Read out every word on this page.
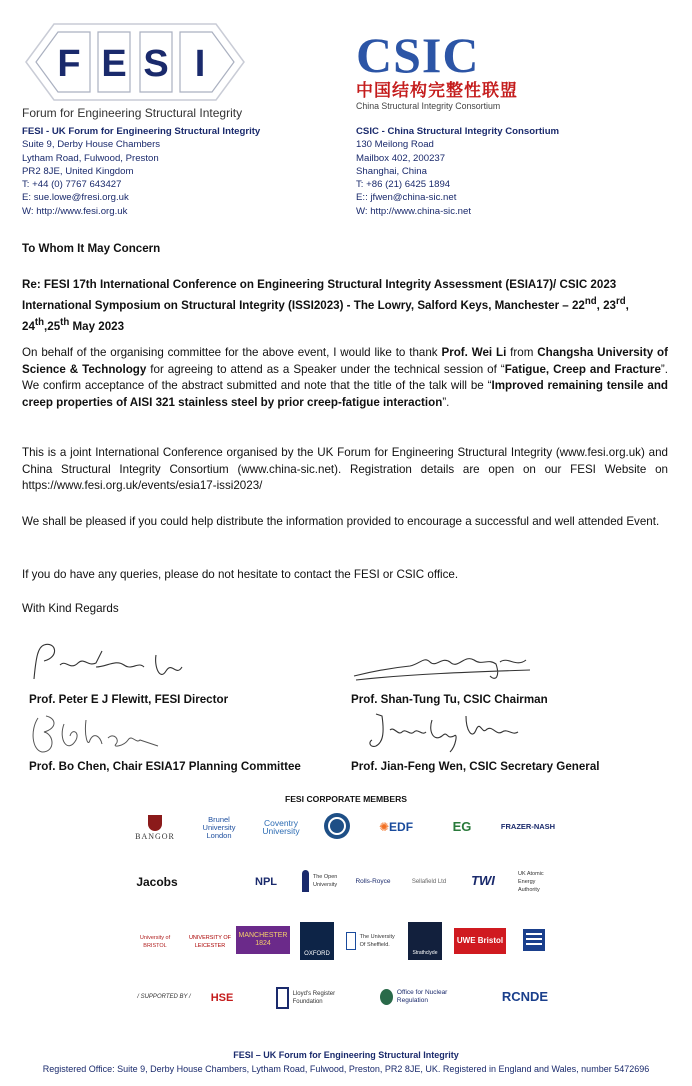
F E S I
Forum for Engineering Structural Integrity
FESI - UK Forum for Engineering Structural Integrity
Suite 9, Derby House Chambers
Lytham Road, Fulwood, Preston
PR2 8JE, United Kingdom
T: +44 (0) 7767 643427
E: sue.lowe@fresi.org.uk
W: http://www.fesi.org.uk
CSIC
中国结构完整性联盟
China Structural Integrity Consortium
CSIC - China Structural Integrity Consortium
130 Meilong Road
Mailbox 402, 200237
Shanghai, China
T: +86 (21) 6425 1894
E:: jfwen@china-sic.net
W: http://www.china-sic.net
To Whom It May Concern
Re: FESI 17th International Conference on Engineering Structural Integrity Assessment (ESIA17)/ CSIC 2023
International Symposium on Structural Integrity (ISSI2023) - The Lowry, Salford Keys, Manchester – 22nd, 23rd,
24th,25th May 2023
On behalf of the organising committee for the above event, I would like to thank Prof. Wei Li from Changsha University of Science & Technology for agreeing to attend as a Speaker under the technical session of “Fatigue, Creep and Fracture”. We confirm acceptance of the abstract submitted and note that the title of the talk will be “Improved remaining tensile and creep properties of AISI 321 stainless steel by prior creep-fatigue interaction”.
This is a joint International Conference organised by the UK Forum for Engineering Structural Integrity (www.fesi.org.uk) and China Structural Integrity Consortium (www.china-sic.net). Registration details are open on our FESI Website on https://www.fesi.org.uk/events/esia17-issi2023/
We shall be pleased if you could help distribute the information provided to encourage a successful and well attended Event.
If you do have any queries, please do not hesitate to contact the FESI or CSIC office.
With Kind Regards
Prof. Peter E J Flewitt, FESI Director	Prof. Shan-Tung Tu, CSIC Chairman
Prof. Bo Chen, Chair ESIA17 Planning Committee	Prof. Jian-Feng Wen, CSIC Secretary General
FESI CORPORATE MEMBERS
BANGOR
Brunel University London
Coventry University	✺ EDF	EG	FRAZER-NASH
Jacobs	NPL	The Open University	Rolls-Royce	Sellafield Ltd TWI	UK Atomic Energy Authority
University of BRISTOL
UNIVERSITY OF LEICESTER
MANCHESTER 1824
OXFORD
The University Of Sheffield.
Strathclyde
UWE Bristol
/ SUPPORTED BY / HSE	Lloyd's Register Foundation
Office for Nuclear Regulation	RCNDE
FESI – UK Forum for Engineering Structural Integrity
Registered Office: Suite 9, Derby House Chambers, Lytham Road, Fulwood, Preston, PR2 8JE, UK. Registered in England and Wales, number 5472696
